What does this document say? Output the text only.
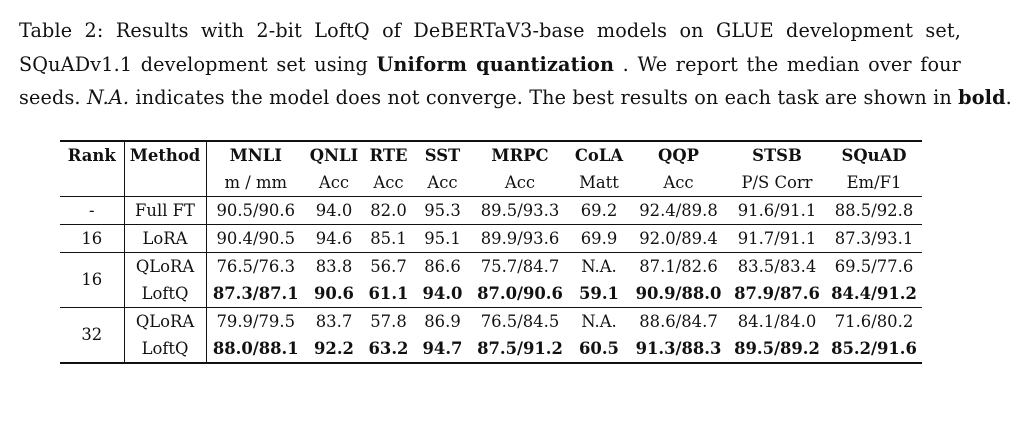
Table 2: Results with 2-bit LoftQ of DeBERTaV3-base models on GLUE development set,
SQuADv1.1 development set using Uniform quantization . We report the median over four
seeds. N.A. indicates the model does not converge. The best results on each task are shown in bold.
Rank	Method	MNLI	QNLI	RTE	SST	MRPC	CoLA	QQP	STSB	SQuAD
		m / mm	Acc	Acc	Acc	Acc	Matt	Acc	P/S Corr	Em/F1
-	Full FT	90.5/90.6	94.0	82.0	95.3	89.5/93.3	69.2	92.4/89.8	91.6/91.1	88.5/92.8
16	LoRA	90.4/90.5	94.6	85.1	95.1	89.9/93.6	69.9	92.0/89.4	91.7/91.1	87.3/93.1
16	QLoRA	76.5/76.3	83.8	56.7	86.6	75.7/84.7	N.A.	87.1/82.6	83.5/83.4	69.5/77.6
	LoftQ	87.3/87.1	90.6	61.1	94.0	87.0/90.6	59.1	90.9/88.0	87.9/87.6	84.4/91.2
32	QLoRA	79.9/79.5	83.7	57.8	86.9	76.5/84.5	N.A.	88.6/84.7	84.1/84.0	71.6/80.2
	LoftQ	88.0/88.1	92.2	63.2	94.7	87.5/91.2	60.5	91.3/88.3	89.5/89.2	85.2/91.6
